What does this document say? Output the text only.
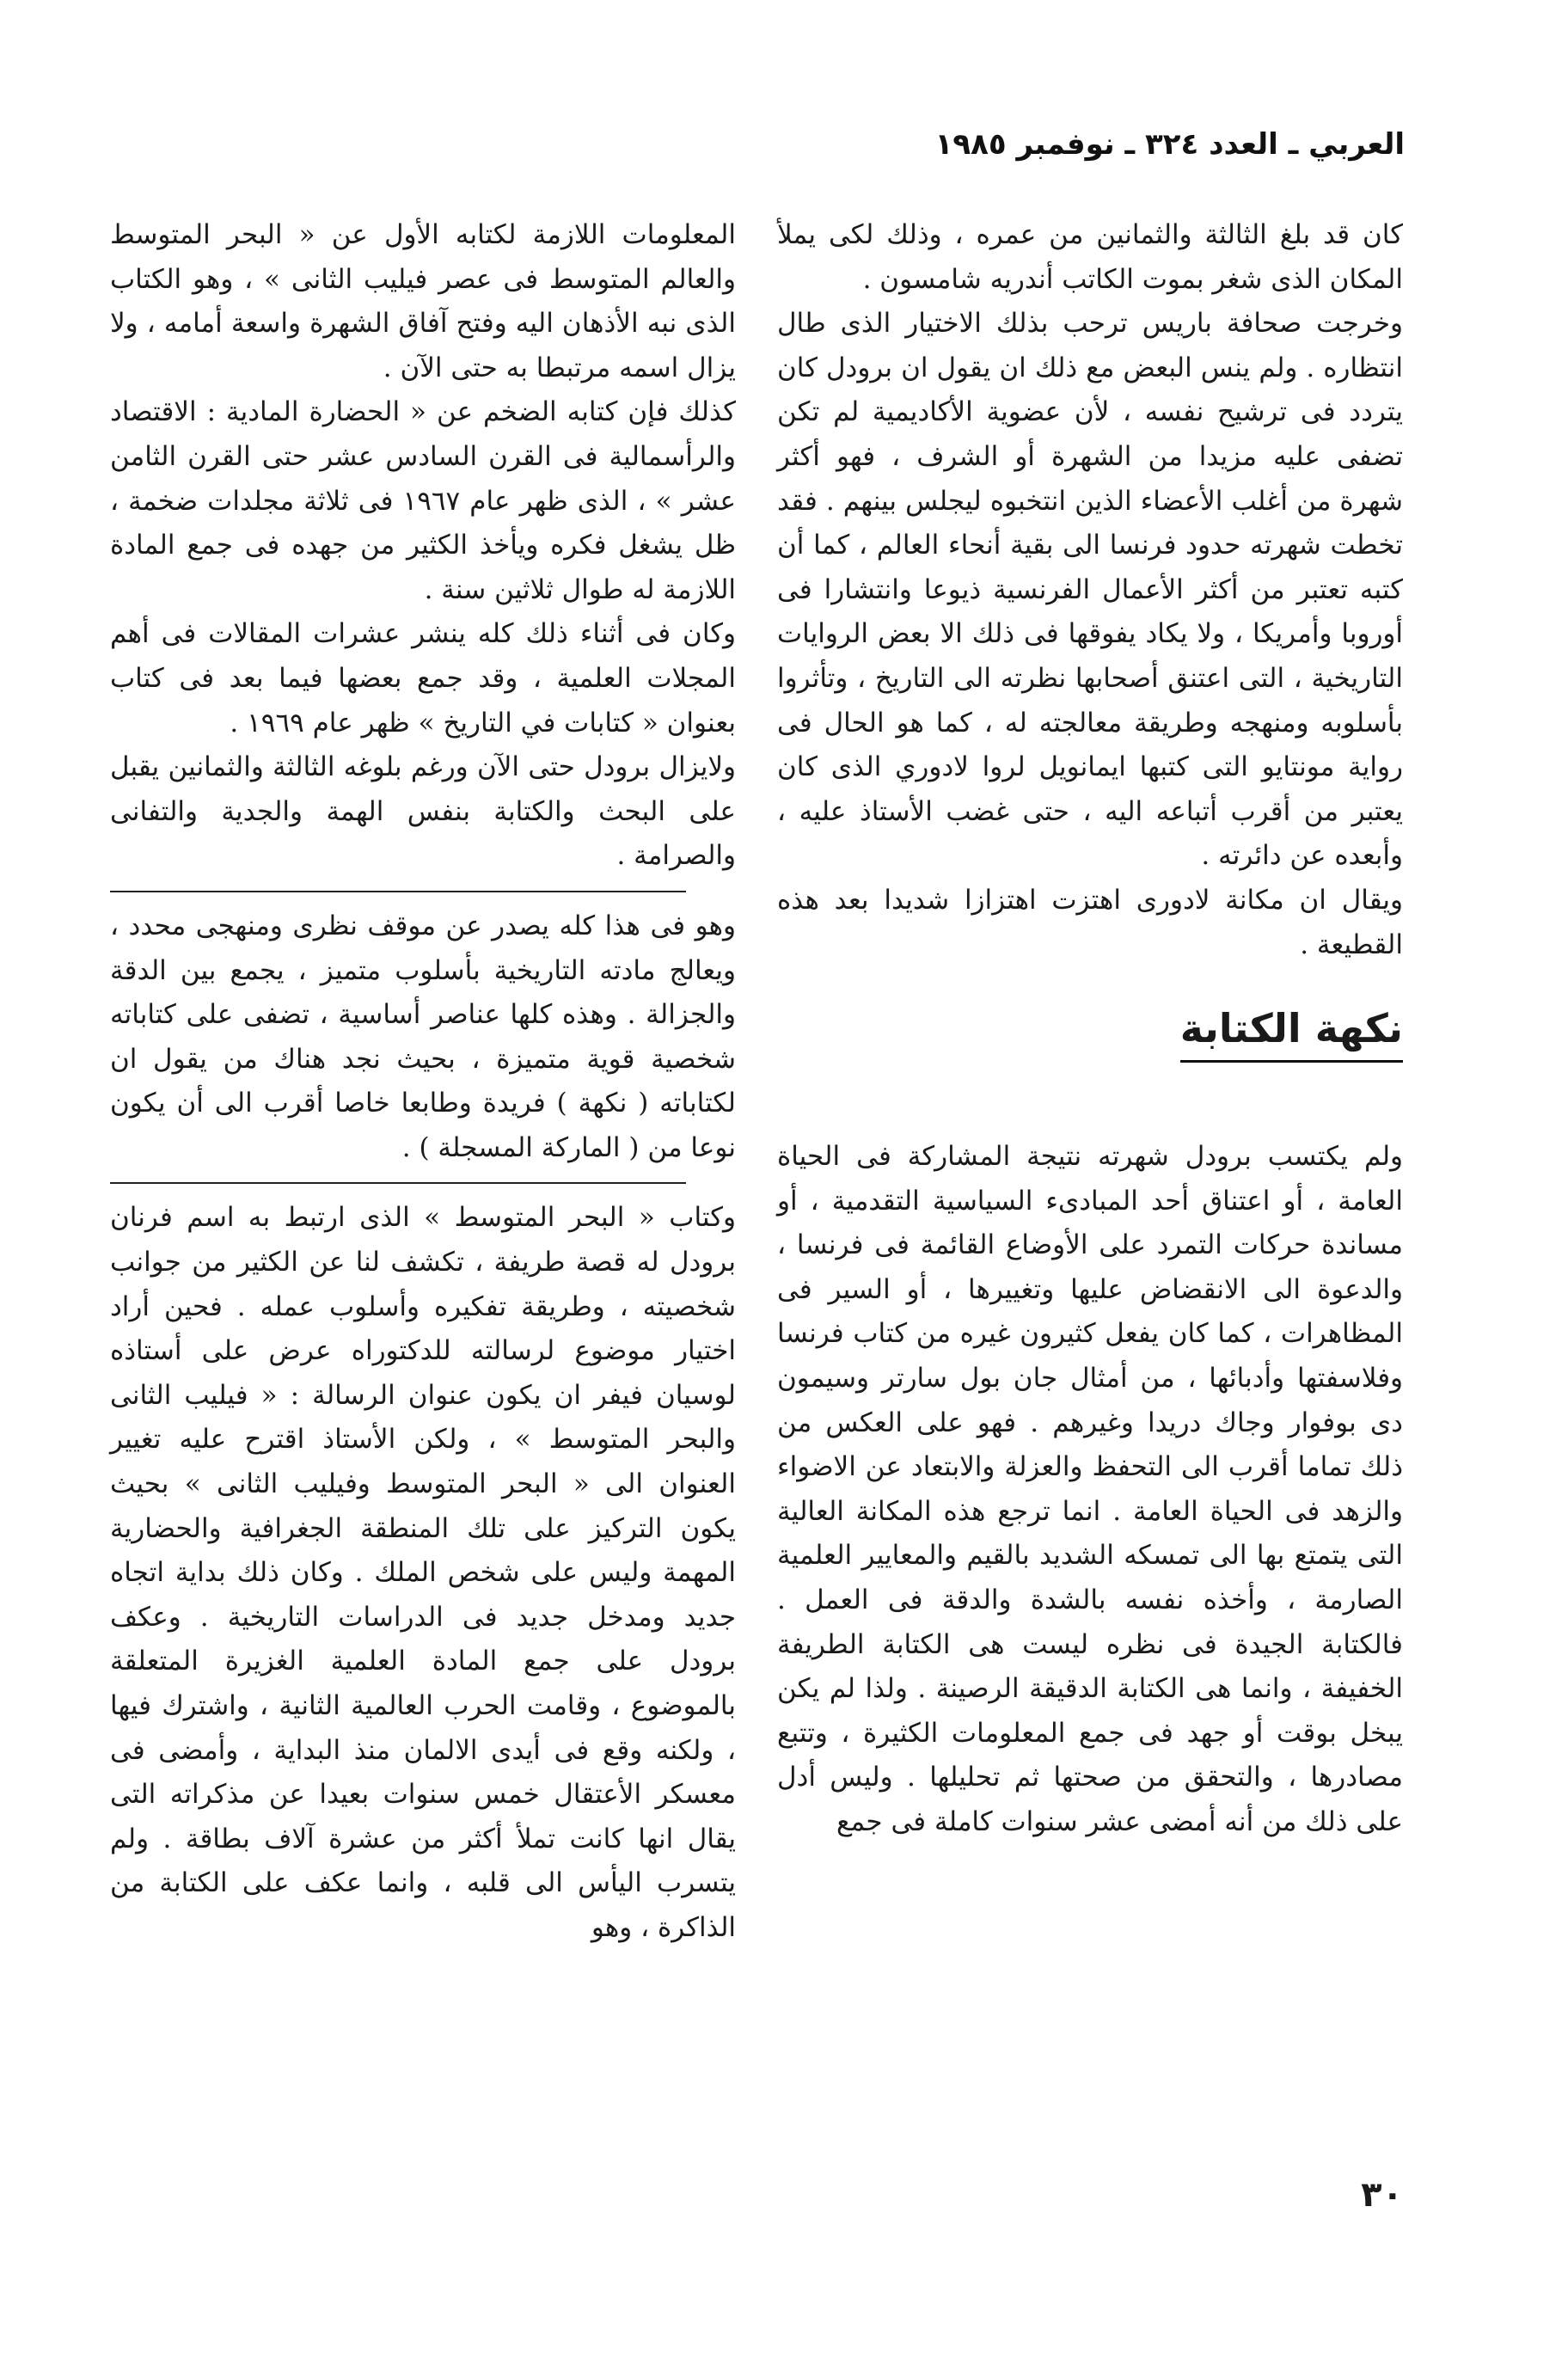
العربي ـ العدد ٣٢٤ ـ نوفمبر ١٩٨٥

كان قد بلغ الثالثة والثمانين من عمره ، وذلك لكى يملأ المكان الذى شغر بموت الكاتب أندريه شامسون .

وخرجت صحافة باريس ترحب بذلك الاختيار الذى طال انتظاره . ولم ينس البعض مع ذلك ان يقول ان برودل كان يتردد فى ترشيح نفسه ، لأن عضوية الأكاديمية لم تكن تضفى عليه مزيدا من الشهرة أو الشرف ، فهو أكثر شهرة من أغلب الأعضاء الذين انتخبوه ليجلس بينهم . فقد تخطت شهرته حدود فرنسا الى بقية أنحاء العالم ، كما أن كتبه تعتبر من أكثر الأعمال الفرنسية ذيوعا وانتشارا فى أوروبا وأمريكا ، ولا يكاد يفوقها فى ذلك الا بعض الروايات التاريخية ، التى اعتنق أصحابها نظرته الى التاريخ ، وتأثروا بأسلوبه ومنهجه وطريقة معالجته له ، كما هو الحال فى رواية مونتايو التى كتبها ايمانويل لروا لادوري الذى كان يعتبر من أقرب أتباعه اليه ، حتى غضب الأستاذ عليه ، وأبعده عن دائرته .

ويقال ان مكانة لادورى اهتزت اهتزازا شديدا بعد هذه القطيعة .

نكهة الكتابة

ولم يكتسب برودل شهرته نتيجة المشاركة فى الحياة العامة ، أو اعتناق أحد المبادىء السياسية التقدمية ، أو مساندة حركات التمرد على الأوضاع القائمة فى فرنسا ، والدعوة الى الانقضاض عليها وتغييرها ، أو السير فى المظاهرات ، كما كان يفعل كثيرون غيره من كتاب فرنسا وفلاسفتها وأدبائها ، من أمثال جان بول سارتر وسيمون دى بوفوار وجاك دريدا وغيرهم . فهو على العكس من ذلك تماما أقرب الى التحفظ والعزلة والابتعاد عن الاضواء والزهد فى الحياة العامة . انما ترجع هذه المكانة العالية التى يتمتع بها الى تمسكه الشديد بالقيم والمعايير العلمية الصارمة ، وأخذه نفسه بالشدة والدقة فى العمل . فالكتابة الجيدة فى نظره ليست هى الكتابة الطريفة الخفيفة ، وانما هى الكتابة الدقيقة الرصينة . ولذا لم يكن يبخل بوقت أو جهد فى جمع المعلومات الكثيرة ، وتتبع مصادرها ، والتحقق من صحتها ثم تحليلها . وليس أدل على ذلك من أنه أمضى عشر سنوات كاملة فى جمع

المعلومات اللازمة لكتابه الأول عن « البحر المتوسط والعالم المتوسط فى عصر فيليب الثانى » ، وهو الكتاب الذى نبه الأذهان اليه وفتح آفاق الشهرة واسعة أمامه ، ولا يزال اسمه مرتبطا به حتى الآن .

كذلك فإن كتابه الضخم عن « الحضارة المادية : الاقتصاد والرأسمالية فى القرن السادس عشر حتى القرن الثامن عشر » ، الذى ظهر عام ١٩٦٧ فى ثلاثة مجلدات ضخمة ، ظل يشغل فكره ويأخذ الكثير من جهده فى جمع المادة اللازمة له طوال ثلاثين سنة .

وكان فى أثناء ذلك كله ينشر عشرات المقالات فى أهم المجلات العلمية ، وقد جمع بعضها فيما بعد فى كتاب بعنوان « كتابات في التاريخ » ظهر عام ١٩٦٩ .

ولايزال برودل حتى الآن ورغم بلوغه الثالثة والثمانين يقبل على البحث والكتابة بنفس الهمة والجدية والتفانى والصرامة .

وهو فى هذا كله يصدر عن موقف نظرى ومنهجى محدد ، ويعالج مادته التاريخية بأسلوب متميز ، يجمع بين الدقة والجزالة . وهذه كلها عناصر أساسية ، تضفى على كتاباته شخصية قوية متميزة ، بحيث نجد هناك من يقول ان لكتاباته ( نكهة ) فريدة وطابعا خاصا أقرب الى أن يكون نوعا من ( الماركة المسجلة ) .

وكتاب « البحر المتوسط » الذى ارتبط به اسم فرنان برودل له قصة طريفة ، تكشف لنا عن الكثير من جوانب شخصيته ، وطريقة تفكيره وأسلوب عمله . فحين أراد اختيار موضوع لرسالته للدكتوراه عرض على أستاذه لوسيان فيفر ان يكون عنوان الرسالة : « فيليب الثانى والبحر المتوسط » ، ولكن الأستاذ اقترح عليه تغيير العنوان الى « البحر المتوسط وفيليب الثانى » بحيث يكون التركيز على تلك المنطقة الجغرافية والحضارية المهمة وليس على شخص الملك . وكان ذلك بداية اتجاه جديد ومدخل جديد فى الدراسات التاريخية . وعكف برودل على جمع المادة العلمية الغزيرة المتعلقة بالموضوع ، وقامت الحرب العالمية الثانية ، واشترك فيها ، ولكنه وقع فى أيدى الالمان منذ البداية ، وأمضى فى معسكر الأعتقال خمس سنوات بعيدا عن مذكراته التى يقال انها كانت تملأ أكثر من عشرة آلاف بطاقة . ولم يتسرب اليأس الى قلبه ، وانما عكف على الكتابة من الذاكرة ، وهو

٣٠
